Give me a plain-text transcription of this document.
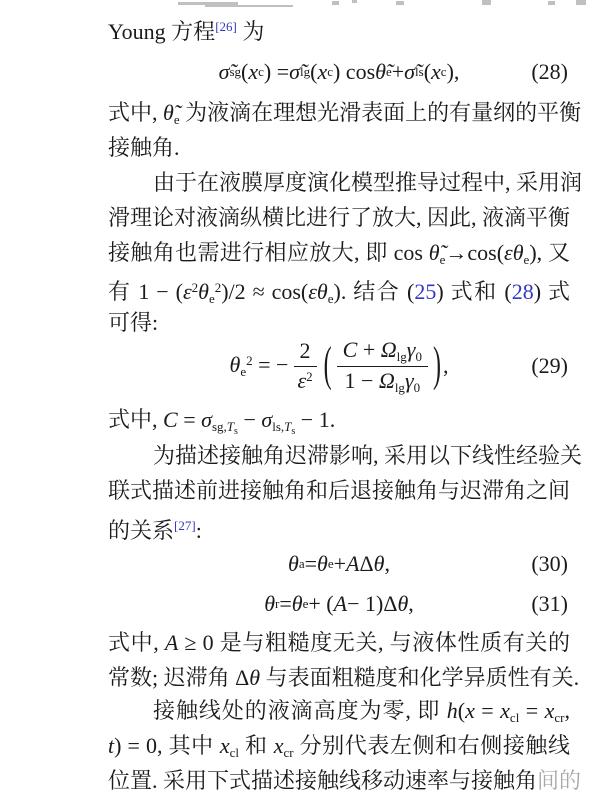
Young 方程[26] 为
σ̃ sg ( x c ) = σ̃ lg ( x c ) cos θ̃ e + σ̃ ls ( x c ),	(28)
式中, θ̃e 为液滴在理想光滑表面上的有量纲的平衡
接触角.
由于在液膜厚度演化模型推导过程中, 采用润
滑理论对液滴纵横比进行了放大, 因此, 液滴平衡
接触角也需进行相应放大, 即 cos θ̃e→cos(εθe), 又
有 $1 - (\varepsilon^2\theta e^2)/2 \approx \cos(\varepsilon\theta e)$. 结合 (25) 式和 (28) 式
可得:
$\theta e^2$ = − $\frac{2}{\varepsilon^2}$ ( $\frac{C + \Omega\lg\gamma 0}{1 - \Omega\lg\gamma 0}$ ) ,	(29)
式中, $C = \sigma sg,T_s - \sigma ls,T_s - 1$.
为描述接触角迟滞影响, 采用以下线性经验关
联式描述前进接触角和后退接触角与迟滞角之间
的关系[27]:
θ a = θ e + A Δ θ ,	(30)
θ r = θ e + ( A − 1) Δ θ ,	(31)
式中, A ≥ 0 是与粗糙度无关, 与液体性质有关的
常数; 迟滞角 Δθ 与表面粗糙度和化学异质性有关.
接触线处的液滴高度为零, 即 h(x = xcl = xcr,
t) = 0, 其中 xcl 和 xcr 分别代表左侧和右侧接触线
位置. 采用下式描述接触线移动速率与接触角间的
